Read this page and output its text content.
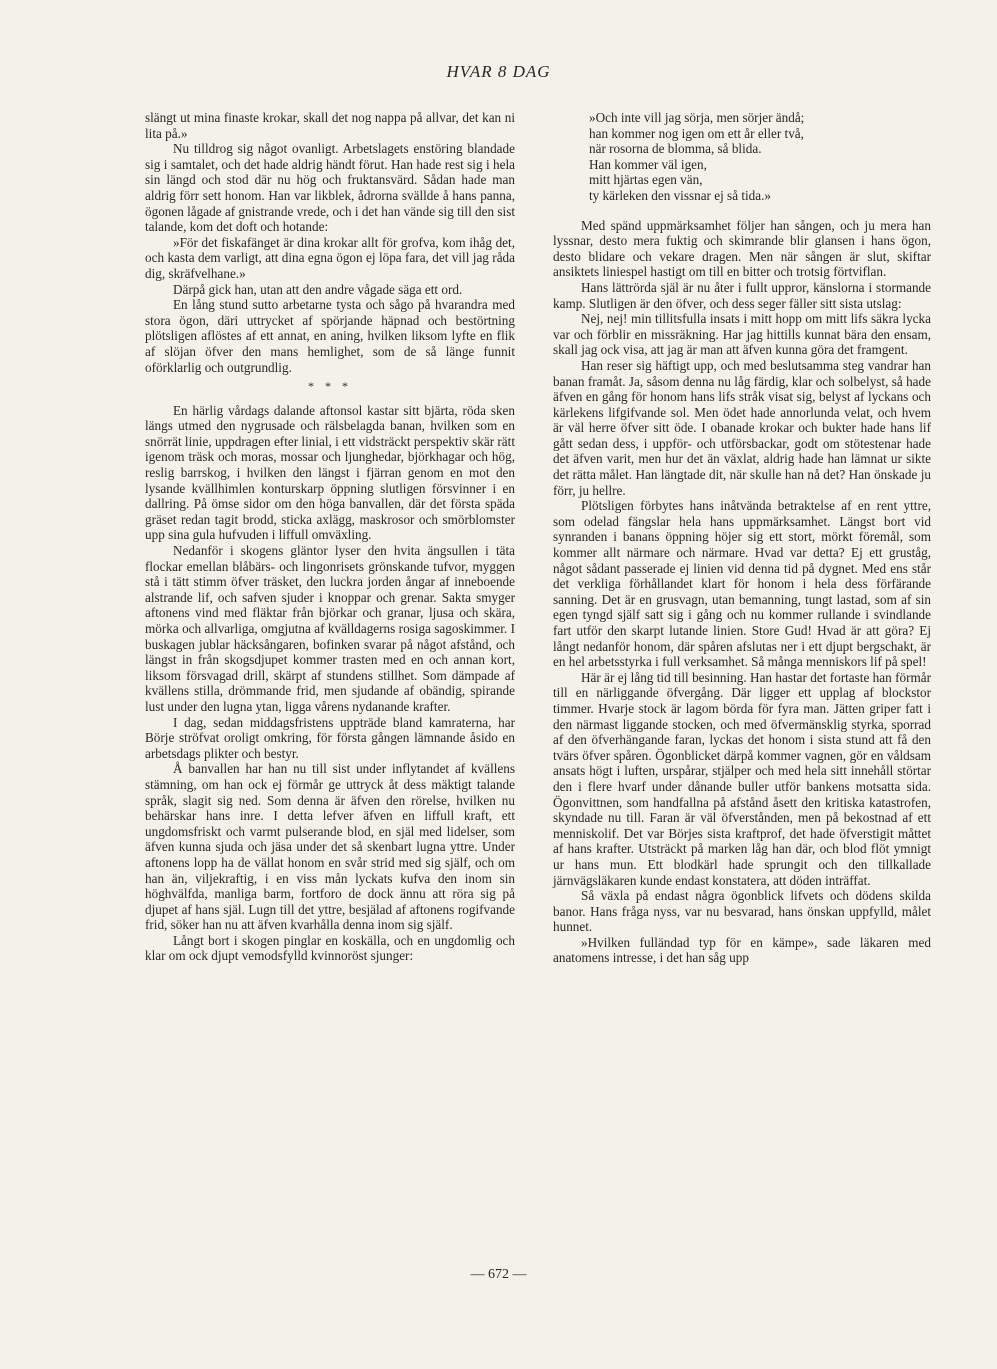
HVAR 8 DAG

slängt ut mina finaste krokar, skall det nog nappa på allvar, det kan ni lita på.»

Nu tilldrog sig något ovanligt. Arbetslagets enstöring blandade sig i samtalet, och det hade aldrig händt förut. Han hade rest sig i hela sin längd och stod där nu hög och fruktansvärd. Sådan hade man aldrig förr sett honom. Han var likblek, ådrorna svällde å hans panna, ögonen lågade af gnistrande vrede, och i det han vände sig till den sist talande, kom det doft och hotande:

»För det fiskafänget är dina krokar allt för grofva, kom ihåg det, och kasta dem varligt, att dina egna ögon ej löpa fara, det vill jag råda dig, skräfvelhane.»

Därpå gick han, utan att den andre vågade säga ett ord.

En lång stund sutto arbetarne tysta och sågo på hvarandra med stora ögon, däri uttrycket af spörjande häpnad och bestörtning plötsligen aflöstes af ett annat, en aning, hvilken liksom lyfte en flik af slöjan öfver den mans hemlighet, som de så länge funnit oförklarlig och outgrundlig.

* * *

En härlig vårdags dalande aftonsol kastar sitt bjärta, röda sken längs utmed den nygrusade och rälsbelagda banan, hvilken som en snörrät linie, uppdragen efter linial, i ett vidsträckt perspektiv skär rätt igenom träsk och moras, mossar och ljunghedar, björkhagar och hög, reslig barrskog, i hvilken den längst i fjärran genom en mot den lysande kvällhimlen konturskarp öppning slutligen försvinner i en dallring. På ömse sidor om den höga banvallen, där det första späda gräset redan tagit brodd, sticka axlägg, maskrosor och smörblomster upp sina gula hufvuden i liffull omväxling.

Nedanför i skogens gläntor lyser den hvita ängsullen i täta flockar emellan blåbärs- och lingonrisets grönskande tufvor, myggen stå i tätt stimm öfver träsket, den luckra jorden ångar af inneboende alstrande lif, och safven sjuder i knoppar och grenar. Sakta smyger aftonens vind med fläktar från björkar och granar, ljusa och skära, mörka och allvarliga, omgjutna af kvälldagerns rosiga sagoskimmer. I buskagen jublar häcksångaren, bofinken svarar på något afstånd, och längst in från skogsdjupet kommer trasten med en och annan kort, liksom försvagad drill, skärpt af stundens stillhet. Som dämpade af kvällens stilla, drömmande frid, men sjudande af obändig, spirande lust under den lugna ytan, ligga vårens nydanande krafter.

I dag, sedan middagsfristens uppträde bland kamraterna, har Börje ströfvat oroligt omkring, för första gången lämnande åsido en arbetsdags plikter och bestyr.

Å banvallen har han nu till sist under inflytandet af kvällens stämning, om han ock ej förmår ge uttryck åt dess mäktigt talande språk, slagit sig ned. Som denna är äfven den rörelse, hvilken nu behärskar hans inre. I detta lefver äfven en liffull kraft, ett ungdomsfriskt och varmt pulserande blod, en själ med lidelser, som äfven kunna sjuda och jäsa under det så skenbart lugna yttre. Under aftonens lopp ha de vällat honom en svår strid med sig själf, och om han än, viljekraftig, i en viss mån lyckats kufva den inom sin höghvälfda, manliga barm, fortforo de dock ännu att röra sig på djupet af hans själ. Lugn till det yttre, besjälad af aftonens rogifvande frid, söker han nu att äfven kvarhålla denna inom sig själf.

Långt bort i skogen pinglar en koskälla, och en ungdomlig och klar om ock djupt vemodsfylld kvinnoröst sjunger:

»Och inte vill jag sörja, men sörjer ändå;
han kommer nog igen om ett år eller två,
när rosorna de blomma, så blida.
Han kommer väl igen,
mitt hjärtas egen vän,
ty kärleken den vissnar ej så tida.»

Med spänd uppmärksamhet följer han sången, och ju mera han lyssnar, desto mera fuktig och skimrande blir glansen i hans ögon, desto blidare och vekare dragen. Men när sången är slut, skiftar ansiktets liniespel hastigt om till en bitter och trotsig förtviflan.

Hans lättrörda själ är nu åter i fullt uppror, känslorna i stormande kamp. Slutligen är den öfver, och dess seger fäller sitt sista utslag:

Nej, nej! min tillitsfulla insats i mitt hopp om mitt lifs säkra lycka var och förblir en missräkning. Har jag hittills kunnat bära den ensam, skall jag ock visa, att jag är man att äfven kunna göra det framgent.

Han reser sig häftigt upp, och med beslutsamma steg vandrar han banan framåt. Ja, såsom denna nu låg färdig, klar och solbelyst, så hade äfven en gång för honom hans lifs stråk visat sig, belyst af lyckans och kärlekens lifgifvande sol. Men ödet hade annorlunda velat, och hvem är väl herre öfver sitt öde. I obanade krokar och bukter hade hans lif gått sedan dess, i uppför- och utförsbackar, godt om stötestenar hade det äfven varit, men hur det än växlat, aldrig hade han lämnat ur sikte det rätta målet. Han längtade dit, när skulle han nå det? Han önskade ju förr, ju hellre.

Plötsligen förbytes hans inåtvända betraktelse af en rent yttre, som odelad fängslar hela hans uppmärksamhet. Längst bort vid synranden i banans öppning höjer sig ett stort, mörkt föremål, som kommer allt närmare och närmare. Hvad var detta? Ej ett gruståg, något sådant passerade ej linien vid denna tid på dygnet. Med ens står det verkliga förhållandet klart för honom i hela dess förfärande sanning. Det är en grusvagn, utan bemanning, tungt lastad, som af sin egen tyngd själf satt sig i gång och nu kommer rullande i svindlande fart utför den skarpt lutande linien. Store Gud! Hvad är att göra? Ej långt nedanför honom, där spåren afslutas ner i ett djupt bergschakt, är en hel arbetsstyrka i full verksamhet. Så många menniskors lif på spel!

Här är ej lång tid till besinning. Han hastar det fortaste han förmår till en närliggande öfvergång. Där ligger ett upplag af blockstor timmer. Hvarje stock är lagom börda för fyra man. Jätten griper fatt i den närmast liggande stocken, och med öfvermänsklig styrka, sporrad af den öfverhängande faran, lyckas det honom i sista stund att få den tvärs öfver spåren. Ögonblicket därpå kommer vagnen, gör en våldsam ansats högt i luften, urspårar, stjälper och med hela sitt innehåll störtar den i flere hvarf under dånande buller utför bankens motsatta sida. Ögonvittnen, som handfallna på afstånd åsett den kritiska katastrofen, skyndade nu till. Faran är väl öfverstånden, men på bekostnad af ett menniskolif. Det var Börjes sista kraftprof, det hade öfverstigit måttet af hans krafter. Utsträckt på marken låg han där, och blod flöt ymnigt ur hans mun. Ett blodkärl hade sprungit och den tillkallade järnvägsläkaren kunde endast konstatera, att döden inträffat.

Så växla på endast några ögonblick lifvets och dödens skilda banor. Hans fråga nyss, var nu besvarad, hans önskan uppfylld, målet hunnet.

»Hvilken fulländad typ för en kämpe», sade läkaren med anatomens intresse, i det han såg upp

— 672 —
